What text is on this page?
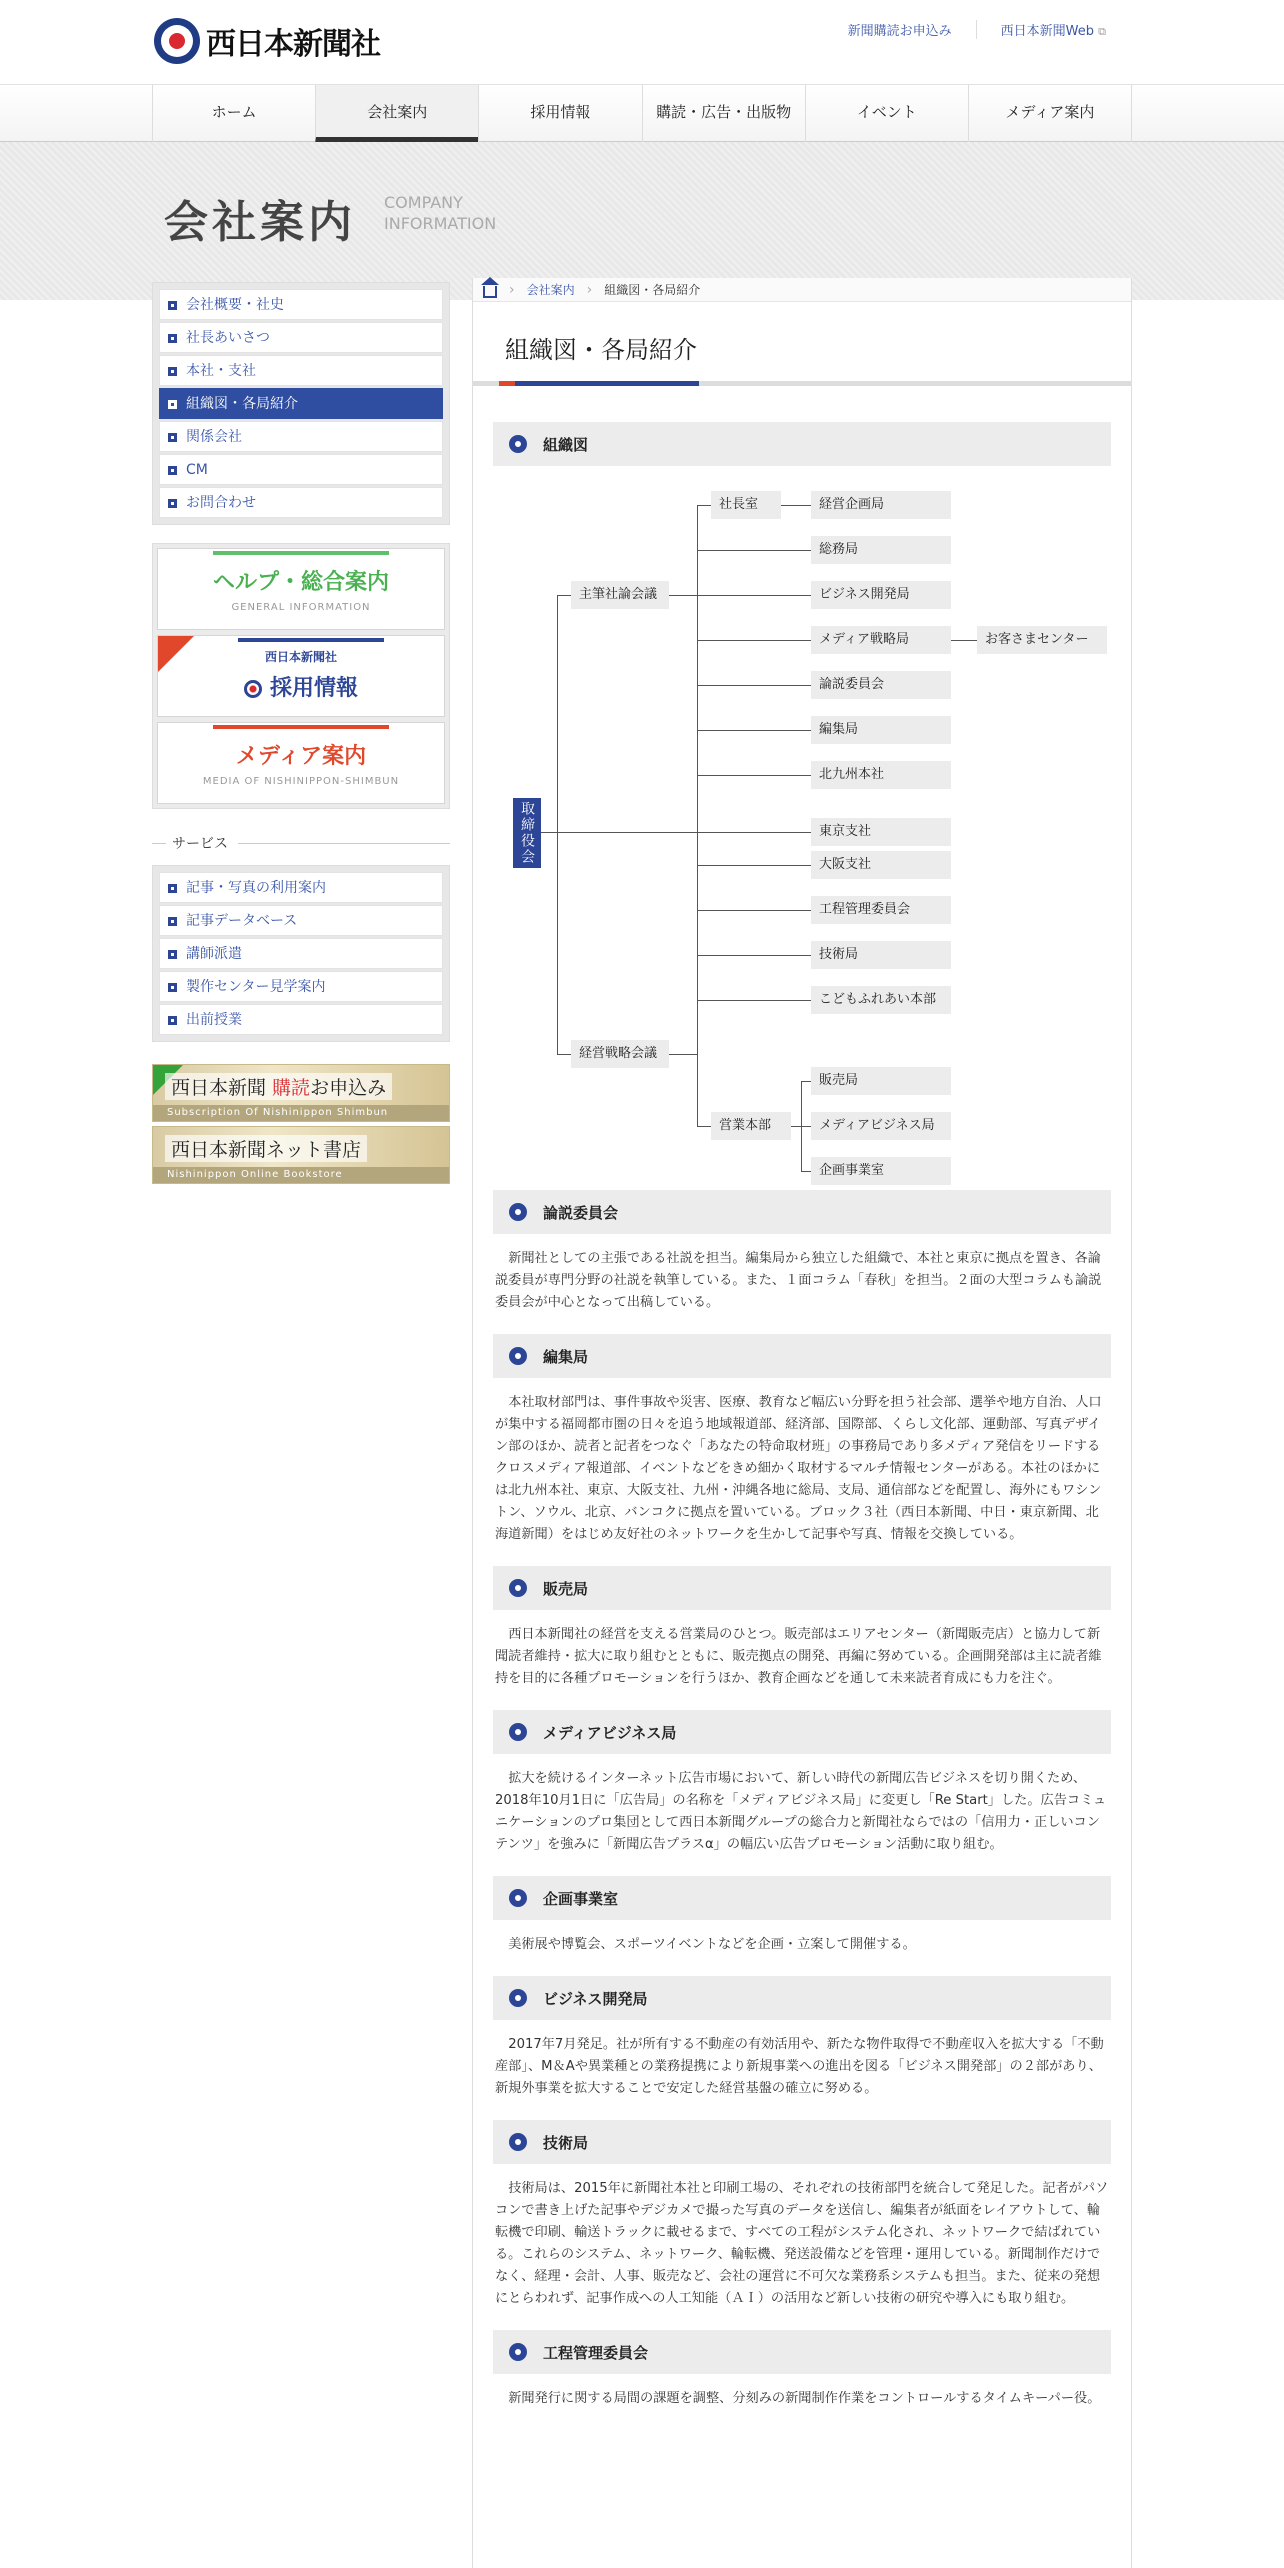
西日本新聞社	新聞購読お申込み	西日本新聞Web ⧉
ホーム	会社案内	採用情報	購読・広告・出版物	イベント	メディア案内
会社案内 COMPANY
INFORMATION
会社概要・社史
社長あいさつ
本社・支社
組織図・各局紹介
関係会社
CM
お問合わせ
ヘルプ・総合案内
GENERAL INFORMATION
西日本新聞社
採用情報
メディア案内
MEDIA OF NISHINIPPON-SHIMBUN
サービス
記事・写真の利用案内
記事データベース
講師派遣
製作センター見学案内
出前授業
西日本新聞 購読お申込み
Subscription Of Nishinippon Shimbun
西日本新聞ネット書店
Nishinippon Online Bookstore
› 会社案内 › 組織図・各局紹介
組織図・各局紹介
組織図
取締役会
主筆社論会議
経営戦略会議
社長室
営業本部
経営企画局
総務局
ビジネス開発局
メディア戦略局	お客さまセンター
論説委員会
編集局
北九州本社
東京支社
大阪支社
工程管理委員会
技術局
こどもふれあい本部
販売局
メディアビジネス局
企画事業室
論説委員会

新聞社としての主張である社説を担当。編集局から独立した組織で、本社と東京に拠点を置き、各論説委員が専門分野の社説を執筆している。また、１面コラム「春秋」を担当。２面の大型コラムも論説委員会が中心となって出稿している。

編集局

本社取材部門は、事件事故や災害、医療、教育など幅広い分野を担う社会部、選挙や地方自治、人口が集中する福岡都市圏の日々を追う地域報道部、経済部、国際部、くらし文化部、運動部、写真デザイン部のほか、読者と記者をつなぐ「あなたの特命取材班」の事務局であり多メディア発信をリードするクロスメディア報道部、イベントなどをきめ細かく取材するマルチ情報センターがある。本社のほかには北九州本社、東京、大阪支社、九州・沖縄各地に総局、支局、通信部などを配置し、海外にもワシントン、ソウル、北京、バンコクに拠点を置いている。ブロック３社（西日本新聞、中日・東京新聞、北海道新聞）をはじめ友好社のネットワークを生かして記事や写真、情報を交換している。

販売局

西日本新聞社の経営を支える営業局のひとつ。販売部はエリアセンター（新聞販売店）と協力して新聞読者維持・拡大に取り組むとともに、販売拠点の開発、再編に努めている。企画開発部は主に読者維持を目的に各種プロモーションを行うほか、教育企画などを通して未来読者育成にも力を注ぐ。

メディアビジネス局

拡大を続けるインターネット広告市場において、新しい時代の新聞広告ビジネスを切り開くため、2018年10月1日に「広告局」の名称を「メディアビジネス局」に変更し「Re Start」した。広告コミュニケーションのプロ集団として西日本新聞グループの総合力と新聞社ならではの「信用力・正しいコンテンツ」を強みに「新聞広告プラスα」の幅広い広告プロモーション活動に取り組む。

企画事業室

美術展や博覧会、スポーツイベントなどを企画・立案して開催する。

ビジネス開発局

2017年7月発足。社が所有する不動産の有効活用や、新たな物件取得で不動産収入を拡大する「不動産部」、M＆Aや異業種との業務提携により新規事業への進出を図る「ビジネス開発部」の２部があり、新規外事業を拡大することで安定した経営基盤の確立に努める。

技術局

技術局は、2015年に新聞社本社と印刷工場の、それぞれの技術部門を統合して発足した。記者がパソコンで書き上げた記事やデジカメで撮った写真のデータを送信し、編集者が紙面をレイアウトして、輪転機で印刷、輸送トラックに載せるまで、すべての工程がシステム化され、ネットワークで結ばれている。これらのシステム、ネットワーク、輪転機、発送設備などを管理・運用している。新聞制作だけでなく、経理・会計、人事、販売など、会社の運営に不可欠な業務系システムも担当。また、従来の発想にとらわれず、記事作成への人工知能（ＡＩ）の活用など新しい技術の研究や導入にも取り組む。

工程管理委員会

新聞発行に関する局間の課題を調整、分刻みの新聞制作作業をコントロールするタイムキーパー役。
